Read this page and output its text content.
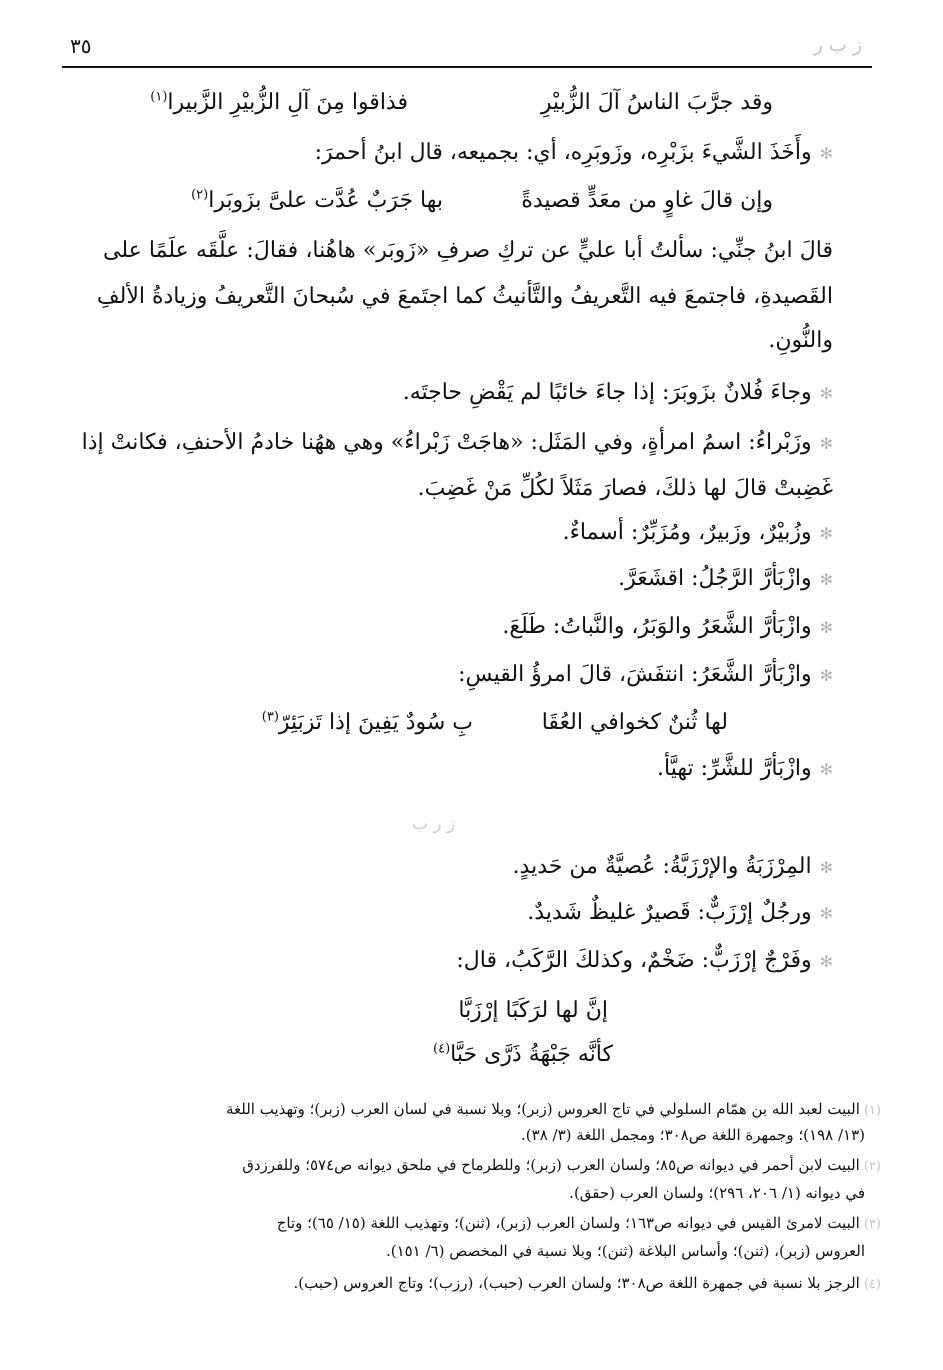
٣٥	ز ب ر
وقد جرَّبَ الناسُ آلَ الزُّبيْرِ
فذاقوا مِنَ آلِ الزُّبيْرِ الزَّبيرا$^{(١)}$
✻وأَخَذَ الشَّيءَ بزَبْرِه، وزَوبَرِه، أي: بجميعه، قال ابنُ أحمرَ:
وإن قالَ غاوٍ من معَدٍّ قصيدةً
بها جَرَبٌ عُدَّت علىَّ بزَوبَرا$^{(٢)}$
قالَ ابنُ جنِّي: سألتُ أبا عليٍّ عن تركِ صرفِ «زَوبَر» هاهُنا، فقالَ: علَّقَه علَمًا على
القَصيدةِ، فاجتمعَ فيه التَّعريفُ والتَّأنيثُ كما اجتَمعَ في سُبحانَ التَّعريفُ وزيادةُ الألفِ
والنُّونِ.
✻وجاءَ فُلانٌ بزَوبَرَ: إذا جاءَ خائبًا لم يَقْضِ حاجتَه.
✻وزَبْراءُ: اسمُ امرأةٍ، وفي المَثَل: «هاجَتْ زَبْراءُ» وهي ههُنا خادمُ الأحنفِ، فكانتْ إذا
غَضِبتْ قالَ لها ذلكَ، فصارَ مَثَلاً لكُلِّ مَنْ غَضِبَ.
✻وزُبيْرٌ، وزَبيرٌ، ومُزَبِّرٌ: أسماءٌ.
✻وازْبَأرَّ الرَّجُلُ: اقشَعَرَّ.
✻وازْبَأرَّ الشَّعَرُ والوَبَرُ، والنَّباتُ: طَلَعَ.
✻وازْبَأرَّ الشَّعَرُ: انتفَشَ، قالَ امرؤُ القيسِ:
لها ثُننٌ كخوافي العُقَا
بِ سُودٌ يَفِينَ إذا تَزبَئِرّ$^{(٣)}$
✻وازْبَأرَّ للشَّرِّ: تهيَّأ.
ز ر ب
✻المِرْزَبَةُ والإرْزَبَّةُ: عُصيَّةٌ من حَديدٍ.
✻ورجُلٌ إرْزَبٌّ: قَصيرٌ غليظٌ شَديدٌ.
✻وفَرْجٌ إرْزَبٌّ: ضَخْمٌ، وكذلكَ الرَّكَبُ، قال:
إنَّ لها لرَكَبًا إرْزَبَّا
كأنَّه جَبْهَةُ ذَرَّى حَبَّا$^{(٤)}$
(١)البيت لعبد الله بن همّام السلولي في تاج العروس (زبر)؛ وبلا نسبة في لسان العرب (زبر)؛ وتهذيب اللغة
(١٣/ ١٩٨)؛ وجمهرة اللغة ص٣٠٨؛ ومجمل اللغة (٣/ ٣٨).
(٢)البيت لابن أحمر في ديوانه ص٨٥؛ ولسان العرب (زبر)؛ وللطرماح في ملحق ديوانه ص٥٧٤؛ وللفرزدق
في ديوانه (١/ ٢٠٦، ٢٩٦)؛ ولسان العرب (حقق).
(٣)البيت لامرئ القيس في ديوانه ص١٦٣؛ ولسان العرب (زبر)، (ثنن)؛ وتهذيب اللغة (١٥/ ٦٥)؛ وتاج
العروس (زبر)، (ثنن)؛ وأساس البلاغة (ثنن)؛ وبلا نسبة في المخصص (٦/ ١٥١).
(٤)الرجز بلا نسبة في جمهرة اللغة ص٣٠٨؛ ولسان العرب (حبب)، (رزب)؛ وتاج العروس (حبب).
